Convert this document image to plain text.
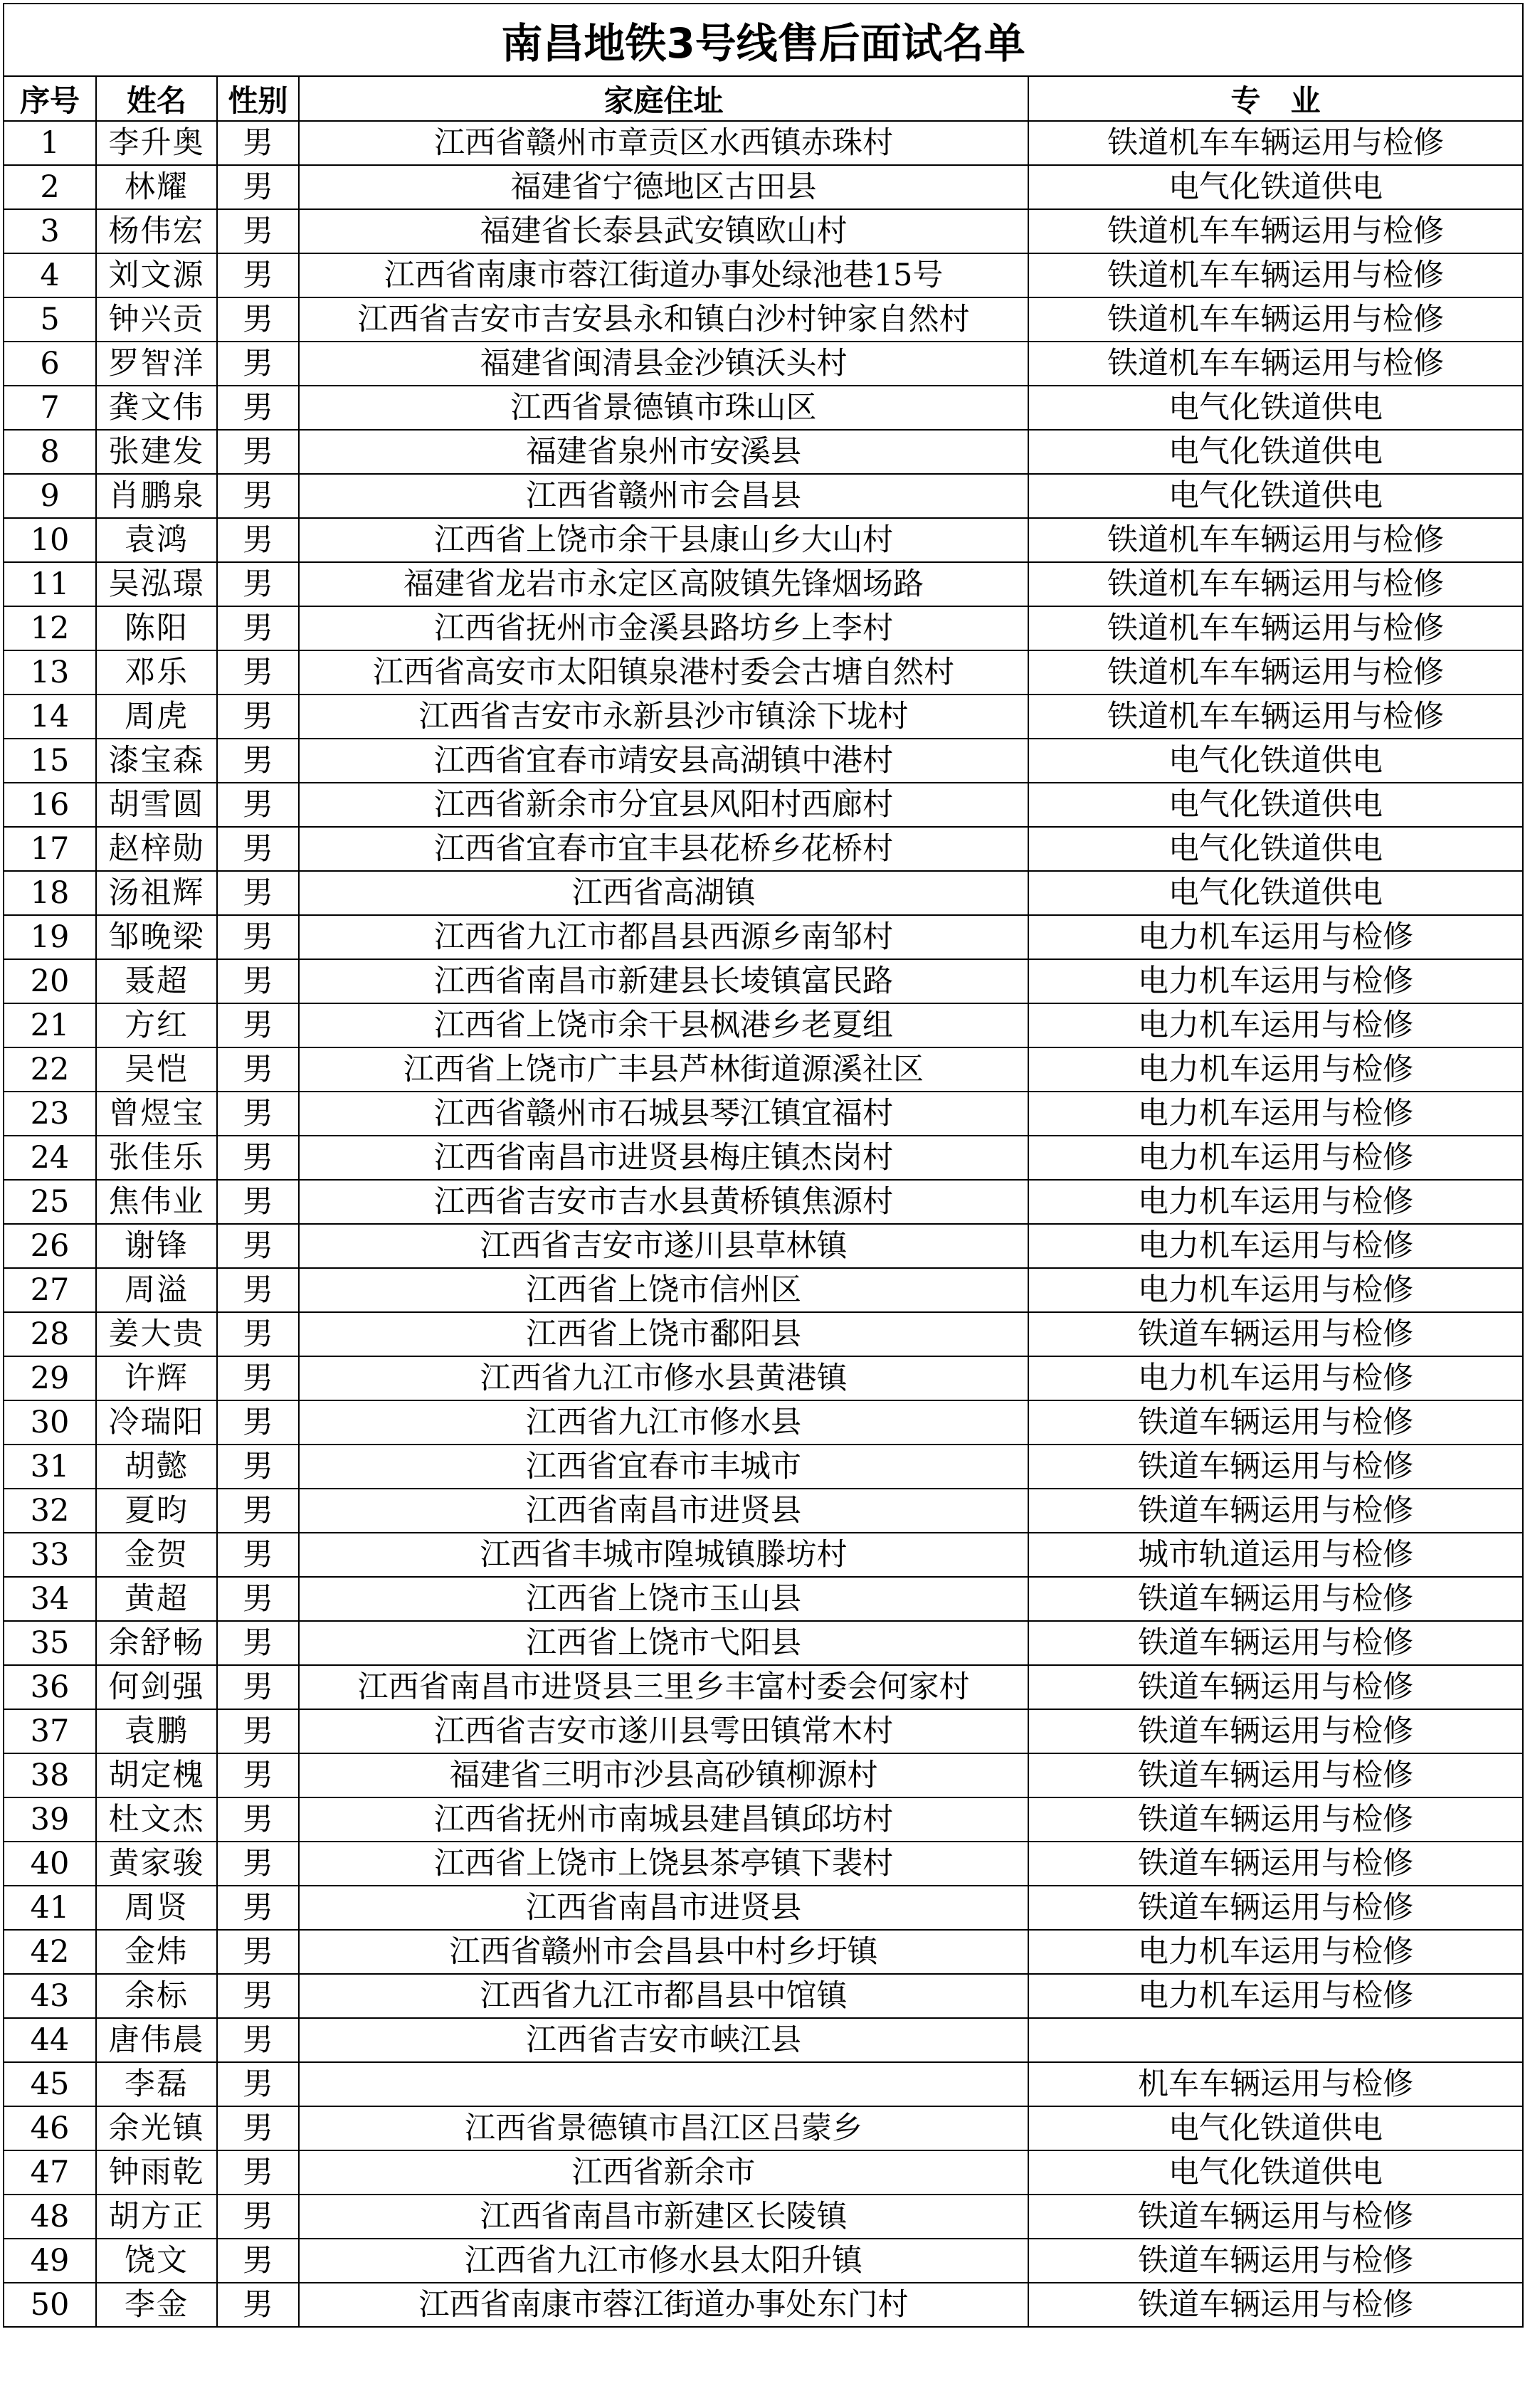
南昌地铁3号线售后面试名单				
序号	姓名	性别	家庭住址	专　业
1	李升奥	男	江西省赣州市章贡区水西镇赤珠村	铁道机车车辆运用与检修
2	林耀	男	福建省宁德地区古田县	电气化铁道供电
3	杨伟宏	男	福建省长泰县武安镇欧山村	铁道机车车辆运用与检修
4	刘文源	男	江西省南康市蓉江街道办事处绿池巷15号	铁道机车车辆运用与检修
5	钟兴贡	男	江西省吉安市吉安县永和镇白沙村钟家自然村	铁道机车车辆运用与检修
6	罗智洋	男	福建省闽清县金沙镇沃头村	铁道机车车辆运用与检修
7	龚文伟	男	江西省景德镇市珠山区	电气化铁道供电
8	张建发	男	福建省泉州市安溪县	电气化铁道供电
9	肖鹏泉	男	江西省赣州市会昌县	电气化铁道供电
10	袁鸿	男	江西省上饶市余干县康山乡大山村	铁道机车车辆运用与检修
11	吴泓璟	男	福建省龙岩市永定区高陂镇先锋烟场路	铁道机车车辆运用与检修
12	陈阳	男	江西省抚州市金溪县路坊乡上李村	铁道机车车辆运用与检修
13	邓乐	男	江西省高安市太阳镇泉港村委会古塘自然村	铁道机车车辆运用与检修
14	周虎	男	江西省吉安市永新县沙市镇涂下垅村	铁道机车车辆运用与检修
15	漆宝森	男	江西省宜春市靖安县高湖镇中港村	电气化铁道供电
16	胡雪圆	男	江西省新余市分宜县风阳村西廊村	电气化铁道供电
17	赵梓勋	男	江西省宜春市宜丰县花桥乡花桥村	电气化铁道供电
18	汤祖辉	男	江西省高湖镇	电气化铁道供电
19	邹晚梁	男	江西省九江市都昌县西源乡南邹村	电力机车运用与检修
20	聂超	男	江西省南昌市新建县长堎镇富民路	电力机车运用与检修
21	方红	男	江西省上饶市余干县枫港乡老夏组	电力机车运用与检修
22	吴恺	男	江西省上饶市广丰县芦林街道源溪社区	电力机车运用与检修
23	曾煜宝	男	江西省赣州市石城县琴江镇宜福村	电力机车运用与检修
24	张佳乐	男	江西省南昌市进贤县梅庄镇杰岗村	电力机车运用与检修
25	焦伟业	男	江西省吉安市吉水县黄桥镇焦源村	电力机车运用与检修
26	谢锋	男	江西省吉安市遂川县草林镇	电力机车运用与检修
27	周溢	男	江西省上饶市信州区	电力机车运用与检修
28	姜大贵	男	江西省上饶市鄱阳县	铁道车辆运用与检修
29	许辉	男	江西省九江市修水县黄港镇	电力机车运用与检修
30	冷瑞阳	男	江西省九江市修水县	铁道车辆运用与检修
31	胡懿	男	江西省宜春市丰城市	铁道车辆运用与检修
32	夏昀	男	江西省南昌市进贤县	铁道车辆运用与检修
33	金贺	男	江西省丰城市隍城镇滕坊村	城市轨道运用与检修
34	黄超	男	江西省上饶市玉山县	铁道车辆运用与检修
35	余舒畅	男	江西省上饶市弋阳县	铁道车辆运用与检修
36	何剑强	男	江西省南昌市进贤县三里乡丰富村委会何家村	铁道车辆运用与检修
37	袁鹏	男	江西省吉安市遂川县雩田镇常木村	铁道车辆运用与检修
38	胡定槐	男	福建省三明市沙县高砂镇柳源村	铁道车辆运用与检修
39	杜文杰	男	江西省抚州市南城县建昌镇邱坊村	铁道车辆运用与检修
40	黄家骏	男	江西省上饶市上饶县茶亭镇下裴村	铁道车辆运用与检修
41	周贤	男	江西省南昌市进贤县	铁道车辆运用与检修
42	金炜	男	江西省赣州市会昌县中村乡圩镇	电力机车运用与检修
43	余标	男	江西省九江市都昌县中馆镇	电力机车运用与检修
44	唐伟晨	男	江西省吉安市峡江县	
45	李磊	男		机车车辆运用与检修
46	余光镇	男	江西省景德镇市昌江区吕蒙乡	电气化铁道供电
47	钟雨乾	男	江西省新余市	电气化铁道供电
48	胡方正	男	江西省南昌市新建区长陵镇	铁道车辆运用与检修
49	饶文	男	江西省九江市修水县太阳升镇	铁道车辆运用与检修
50	李金	男	江西省南康市蓉江街道办事处东门村	铁道车辆运用与检修
